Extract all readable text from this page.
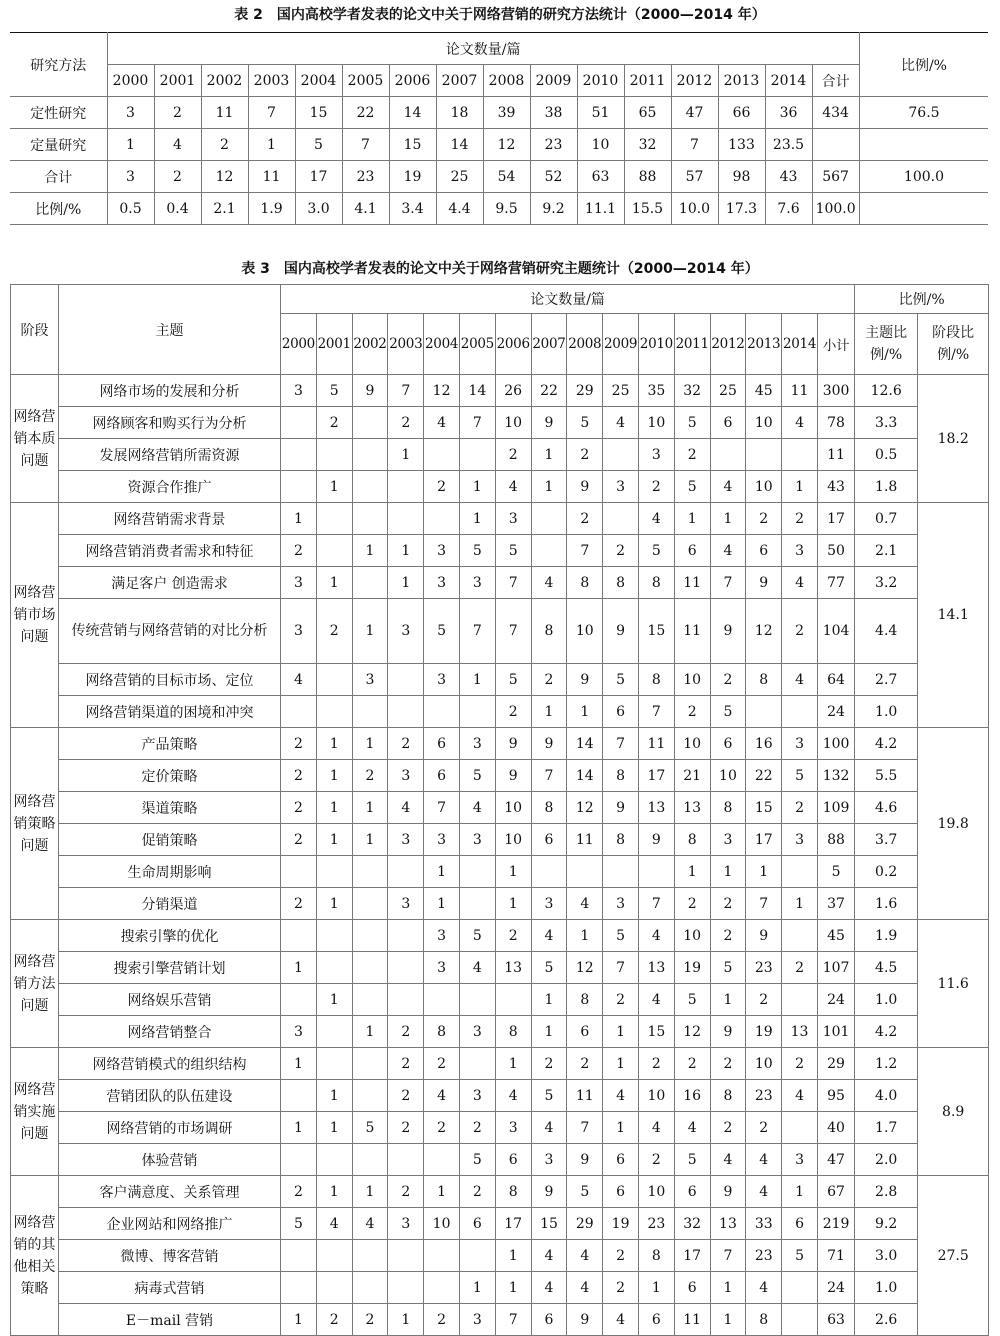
表 2　国内高校学者发表的论文中关于网络营销的研究方法统计（2000—2014 年）
研究方法	论文数量/篇																比例/%
	2000	2001	2002	2003	2004	2005	2006	2007	2008	2009	2010	2011	2012	2013	2014	合计	
定性研究	3	2	11	7	15	22	14	18	39	38	51	65	47	66	36	434	76.5
定量研究	1	4	2	1	5	7	15	14	12	23	10	32	7	133	23.5		
合计	3	2	12	11	17	23	19	25	54	52	63	88	57	98	43	567	100.0
比例/%	0.5	0.4	2.1	1.9	3.0	4.1	3.4	4.4	9.5	9.2	11.1	15.5	10.0	17.3	7.6	100.0	
表 3　国内高校学者发表的论文中关于网络营销研究主题统计（2000—2014 年）
阶段	主题	论文数量/篇																比例/%	
		2000	2001	2002	2003	2004	2005	2006	2007	2008	2009	2010	2011	2012	2013	2014	小计	主题比例/%	阶段比例/%
网络营销本质问题	网络市场的发展和分析	3	5	9	7	12	14	26	22	29	25	35	32	25	45	11	300	12.6	18.2
	网络顾客和购买行为分析		2		2	4	7	10	9	5	4	10	5	6	10	4	78	3.3	
	发展网络营销所需资源				1			2	1	2		3	2				11	0.5	
	资源合作推广		1			2	1	4	1	9	3	2	5	4	10	1	43	1.8	
网络营销市场问题	网络营销需求背景	1					1	3		2		4	1	1	2	2	17	0.7	14.1
	网络营销消费者需求和特征	2		1	1	3	5	5		7	2	5	6	4	6	3	50	2.1	
	满足客户 创造需求	3	1		1	3	3	7	4	8	8	8	11	7	9	4	77	3.2	
	传统营销与网络营销的对比分析	3	2	1	3	5	7	7	8	10	9	15	11	9	12	2	104	4.4	
	网络营销的目标市场、定位	4		3		3	1	5	2	9	5	8	10	2	8	4	64	2.7	
	网络营销渠道的困境和冲突							2	1	1	6	7	2	5			24	1.0	
网络营销策略问题	产品策略	2	1	1	2	6	3	9	9	14	7	11	10	6	16	3	100	4.2	19.8
	定价策略	2	1	2	3	6	5	9	7	14	8	17	21	10	22	5	132	5.5	
	渠道策略	2	1	1	4	7	4	10	8	12	9	13	13	8	15	2	109	4.6	
	促销策略	2	1	1	3	3	3	10	6	11	8	9	8	3	17	3	88	3.7	
	生命周期影响					1		1					1	1	1		5	0.2	
	分销渠道	2	1		3	1		1	3	4	3	7	2	2	7	1	37	1.6	
网络营销方法问题	搜索引擎的优化					3	5	2	4	1	5	4	10	2	9		45	1.9	11.6
	搜索引擎营销计划	1				3	4	13	5	12	7	13	19	5	23	2	107	4.5	
	网络娱乐营销		1						1	8	2	4	5	1	2		24	1.0	
	网络营销整合	3		1	2	8	3	8	1	6	1	15	12	9	19	13	101	4.2	
网络营销实施问题	网络营销模式的组织结构	1			2	2		1	2	2	1	2	2	2	10	2	29	1.2	8.9
	营销团队的队伍建设		1		2	4	3	4	5	11	4	10	16	8	23	4	95	4.0	
	网络营销的市场调研	1	1	5	2	2	2	3	4	7	1	4	4	2	2		40	1.7	
	体验营销						5	6	3	9	6	2	5	4	4	3	47	2.0	
网络营销的其他相关策略	客户满意度、关系管理	2	1	1	2	1	2	8	9	5	6	10	6	9	4	1	67	2.8	27.5
	企业网站和网络推广	5	4	4	3	10	6	17	15	29	19	23	32	13	33	6	219	9.2	
	微博、博客营销							1	4	4	2	8	17	7	23	5	71	3.0	
	病毒式营销						1	1	4	4	2	1	6	1	4		24	1.0	
	E－mail 营销	1	2	2	1	2	3	7	6	9	4	6	11	1	8		63	2.6	
